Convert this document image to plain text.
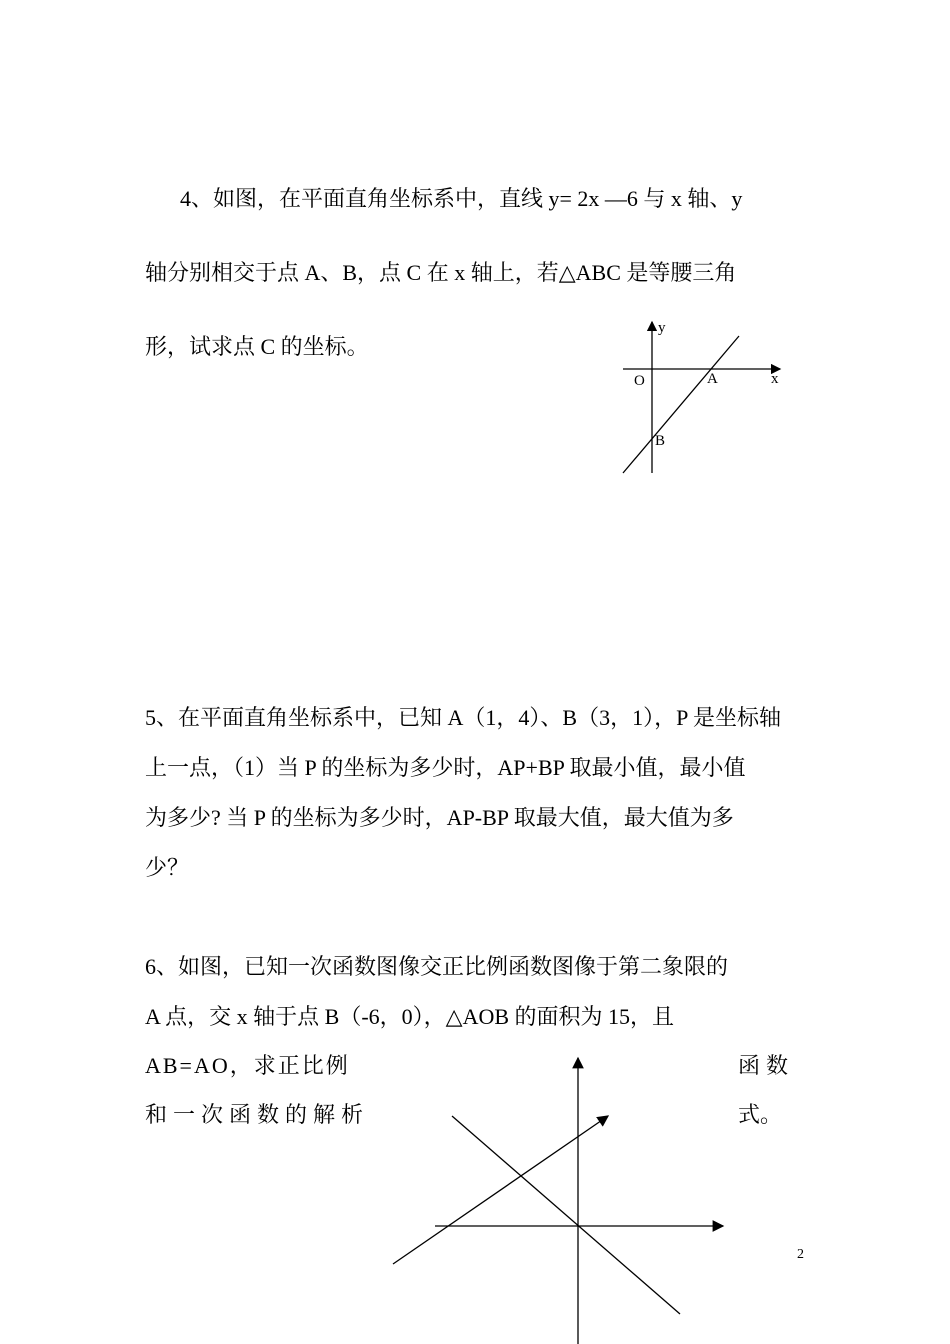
4、如图，在平面直角坐标系中，直线 y= 2x —6 与 x 轴、y
轴分别相交于点 A、B，点 C 在 x 轴上，若△ABC 是等腰三角
形，试求点 C 的坐标。
y
x
O	A
B
5、在平面直角坐标系中，已知 A（1，4）、B（3，1），P 是坐标轴
上一点，（1）当 P 的坐标为多少时，AP+BP 取最小值，最小值
为多少? 当 P 的坐标为多少时，AP-BP 取最大值，最大值为多
少？
6、如图，已知一次函数图像交正比例函数图像于第二象限的
A 点，交 x 轴于点 B（-6，0），△AOB 的面积为 15，且
AB=AO，求正比例	函数
和一次函数的解析	式。
2
